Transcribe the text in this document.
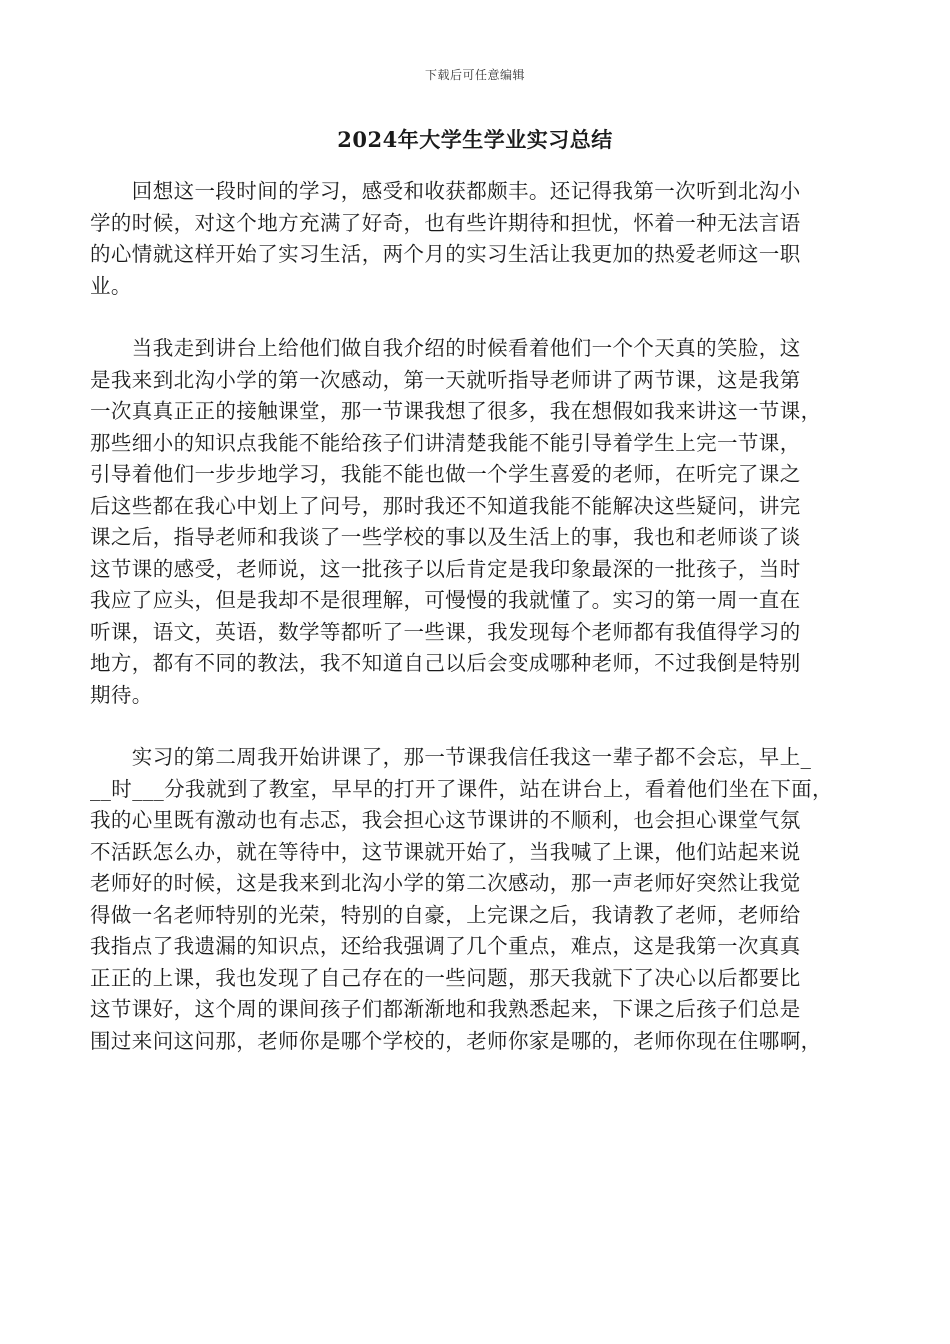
下载后可任意编辑
2024年大学生学业实习总结
　　回想这一段时间的学习，感受和收获都颇丰。还记得我第一次听到北沟小
学的时候，对这个地方充满了好奇，也有些许期待和担忧，怀着一种无法言语
的心情就这样开始了实习生活，两个月的实习生活让我更加的热爱老师这一职
业。
　　当我走到讲台上给他们做自我介绍的时候看着他们一个个天真的笑脸，这
是我来到北沟小学的第一次感动，第一天就听指导老师讲了两节课，这是我第
一次真真正正的接触课堂，那一节课我想了很多，我在想假如我来讲这一节课，
那些细小的知识点我能不能给孩子们讲清楚我能不能引导着学生上完一节课，
引导着他们一步步地学习，我能不能也做一个学生喜爱的老师，在听完了课之
后这些都在我心中划上了问号，那时我还不知道我能不能解决这些疑问，讲完
课之后，指导老师和我谈了一些学校的事以及生活上的事，我也和老师谈了谈
这节课的感受，老师说，这一批孩子以后肯定是我印象最深的一批孩子，当时
我应了应头，但是我却不是很理解，可慢慢的我就懂了。实习的第一周一直在
听课，语文，英语，数学等都听了一些课，我发现每个老师都有我值得学习的
地方，都有不同的教法，我不知道自己以后会变成哪种老师，不过我倒是特别
期待。
　　实习的第二周我开始讲课了，那一节课我信任我这一辈子都不会忘，早上_
__时___分我就到了教室，早早的打开了课件，站在讲台上，看着他们坐在下面，
我的心里既有激动也有忐忑，我会担心这节课讲的不顺利，也会担心课堂气氛
不活跃怎么办，就在等待中，这节课就开始了，当我喊了上课，他们站起来说
老师好的时候，这是我来到北沟小学的第二次感动，那一声老师好突然让我觉
得做一名老师特别的光荣，特别的自豪，上完课之后，我请教了老师，老师给
我指点了我遗漏的知识点，还给我强调了几个重点，难点，这是我第一次真真
正正的上课，我也发现了自己存在的一些问题，那天我就下了决心以后都要比
这节课好，这个周的课间孩子们都渐渐地和我熟悉起来，下课之后孩子们总是
围过来问这问那，老师你是哪个学校的，老师你家是哪的，老师你现在住哪啊，
